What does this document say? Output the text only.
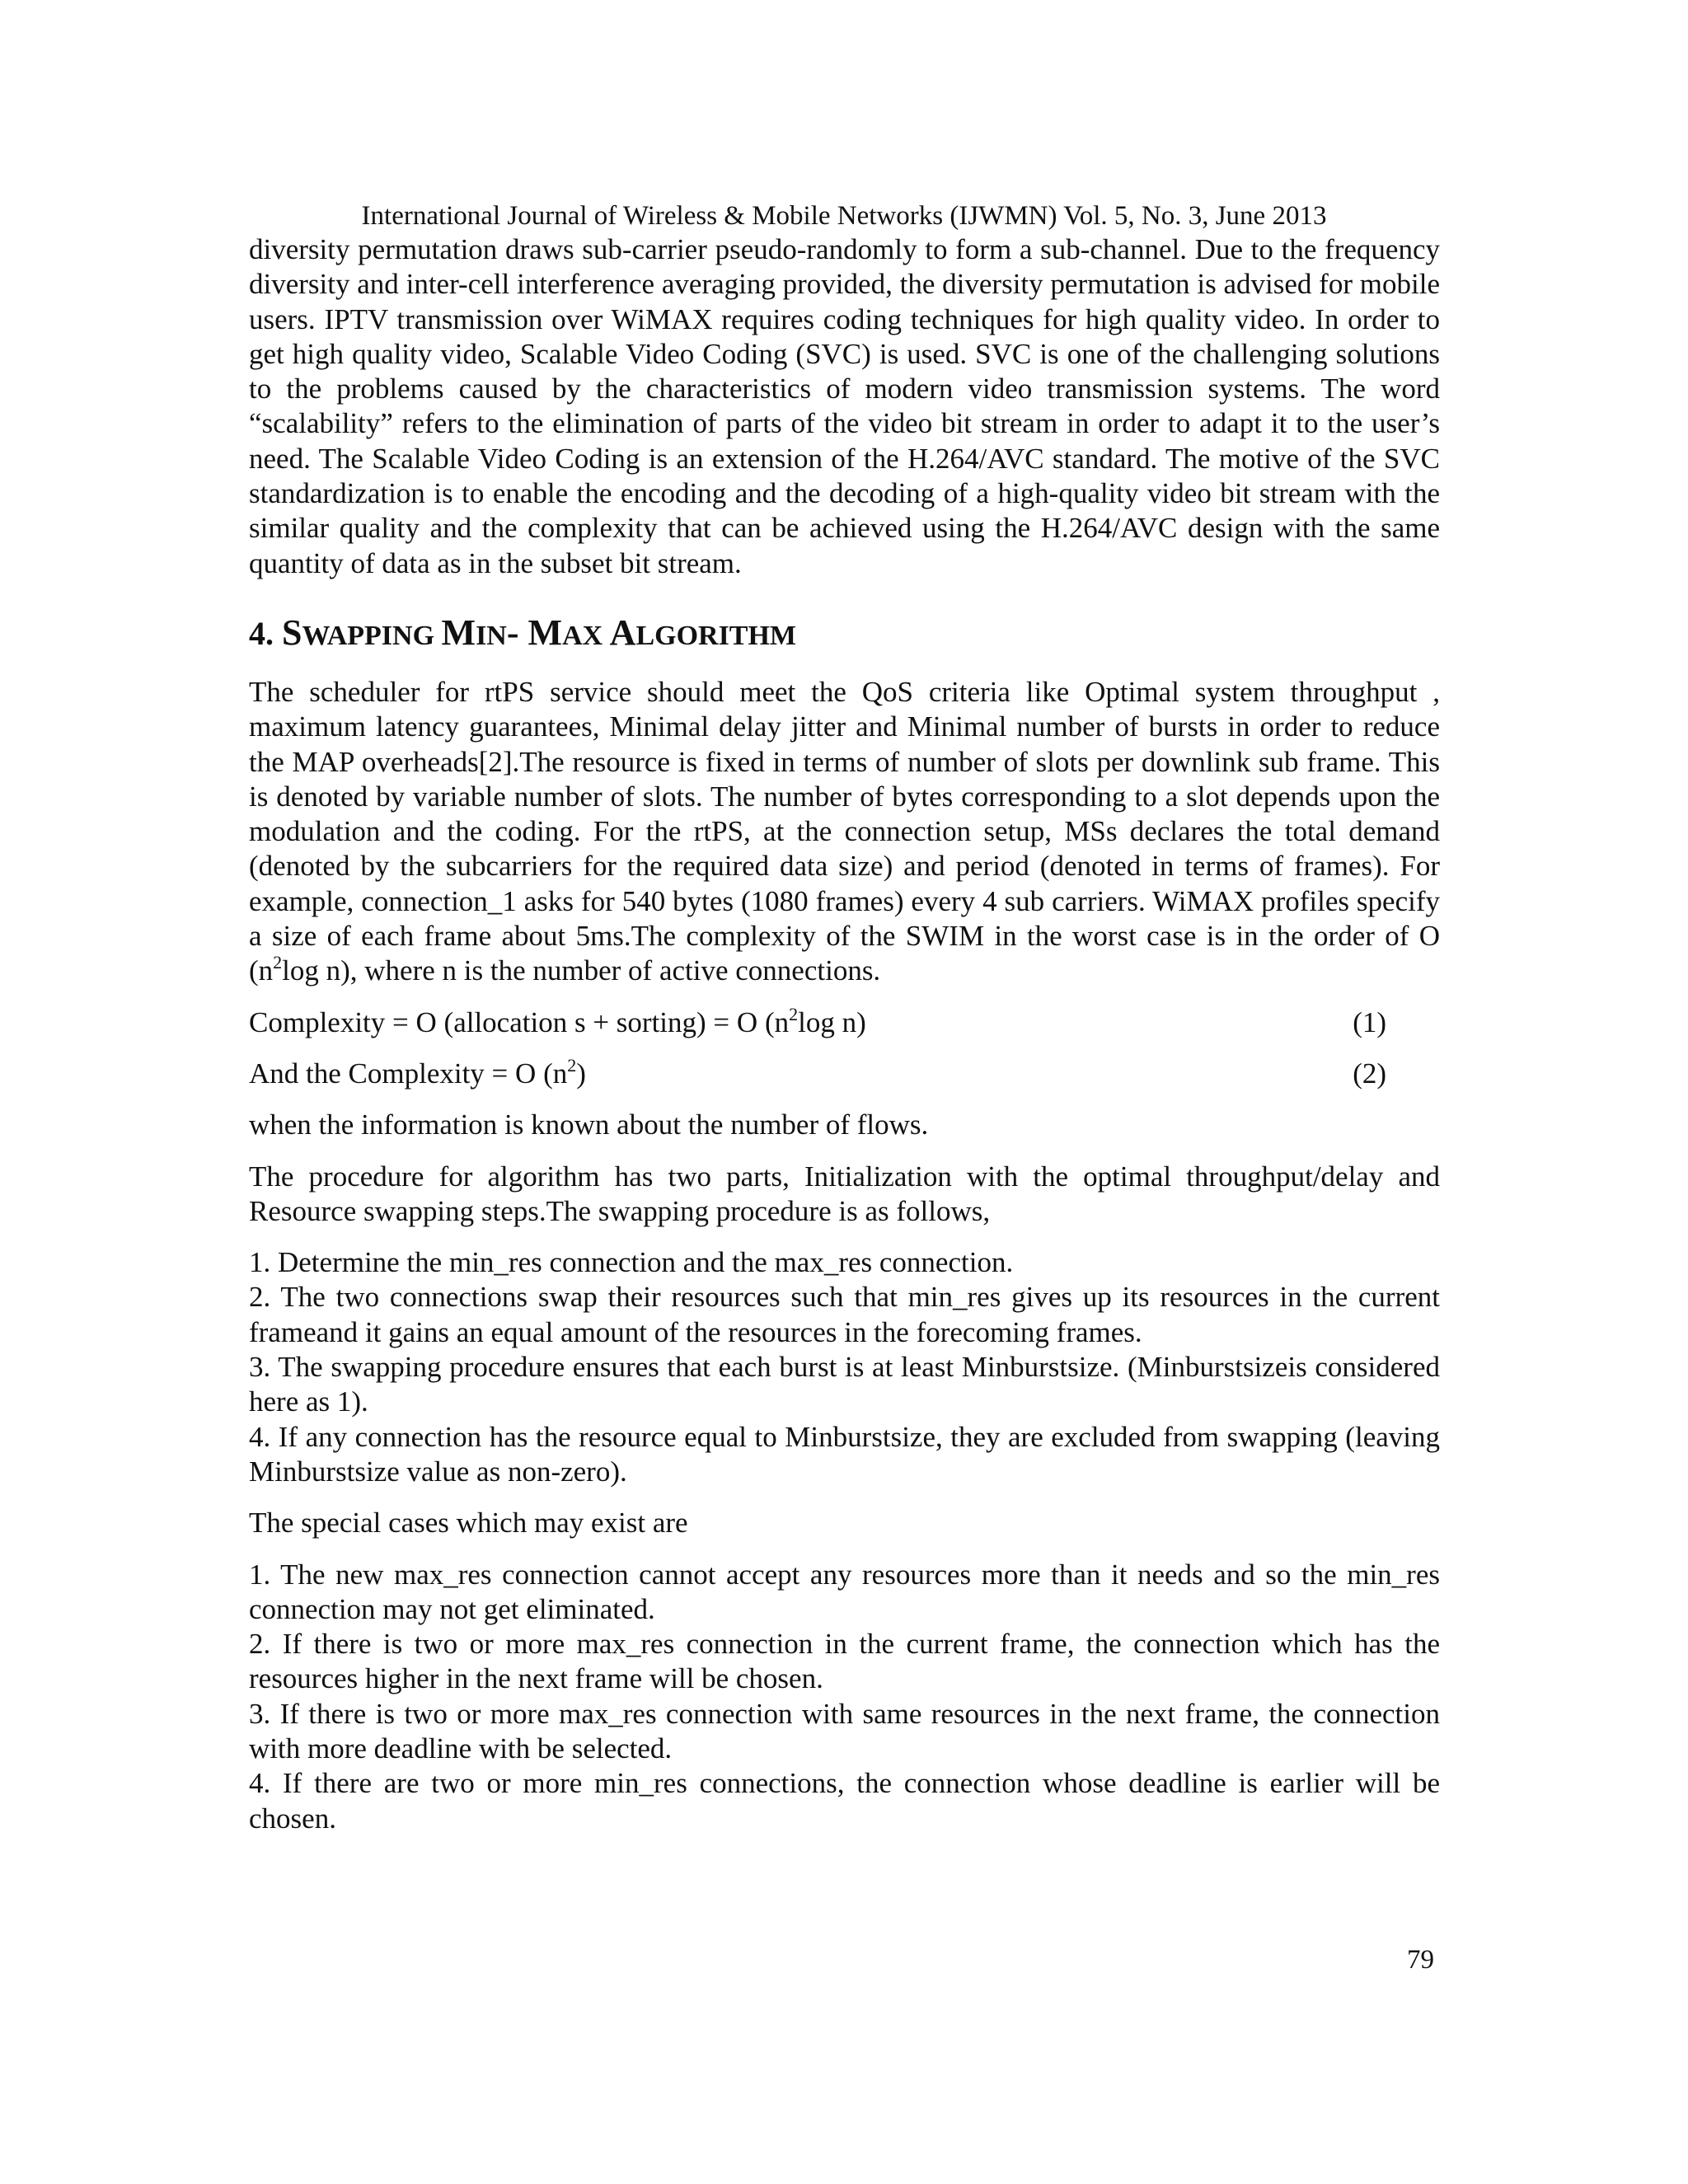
International Journal of Wireless & Mobile Networks (IJWMN) Vol. 5, No. 3, June 2013

diversity permutation draws sub-carrier pseudo-randomly to form a sub-channel. Due to the frequency diversity and inter-cell interference averaging provided, the diversity permutation is advised for mobile users. IPTV transmission over WiMAX requires coding techniques for high quality video. In order to get high quality video, Scalable Video Coding (SVC) is used. SVC is one of the challenging solutions to the problems caused by the characteristics of modern video transmission systems. The word “scalability” refers to the elimination of parts of the video bit stream in order to adapt it to the user’s need. The Scalable Video Coding is an extension of the H.264/AVC standard. The motive of the SVC standardization is to enable the encoding and the decoding of a high-quality video bit stream with the similar quality and the complexity that can be achieved using the H.264/AVC design with the same quantity of data as in the subset bit stream.

4. SWAPPING MIN- MAX ALGORITHM

The scheduler for rtPS service should meet the QoS criteria like Optimal system throughput , maximum latency guarantees, Minimal delay jitter and Minimal number of bursts in order to reduce the MAP overheads[2].The resource is fixed in terms of number of slots per downlink sub frame. This is denoted by variable number of slots. The number of bytes corresponding to a slot depends upon the modulation and the coding. For the rtPS, at the connection setup, MSs declares the total demand (denoted by the subcarriers for the required data size) and period (denoted in terms of frames). For example, connection_1 asks for 540 bytes (1080 frames) every 4 sub carriers. WiMAX profiles specify a size of each frame about 5ms.The complexity of the SWIM in the worst case is in the order of O ($n^2\log$ n), where n is the number of active connections.

Complexity = O (allocation s + sorting) = O ($n^2\log$ n)	(1)
And the Complexity = O $(n^2)$	(2)

when the information is known about the number of flows.

The procedure for algorithm has two parts, Initialization with the optimal throughput/delay and Resource swapping steps.The swapping procedure is as follows,

1. Determine the min_res connection and the max_res connection.

2. The two connections swap their resources such that min_res gives up its resources in the current frameand it gains an equal amount of the resources in the forecoming frames.

3. The swapping procedure ensures that each burst is at least Minburstsize. (Minburstsizeis considered here as 1).

4. If any connection has the resource equal to Minburstsize, they are excluded from swapping (leaving Minburstsize value as non-zero).

The special cases which may exist are

1. The new max_res connection cannot accept any resources more than it needs and so the min_res connection may not get eliminated.

2. If there is two or more max_res connection in the current frame, the connection which has the resources higher in the next frame will be chosen.

3. If there is two or more max_res connection with same resources in the next frame, the connection with more deadline with be selected.

4. If there are two or more min_res connections, the connection whose deadline is earlier will be chosen.

79
